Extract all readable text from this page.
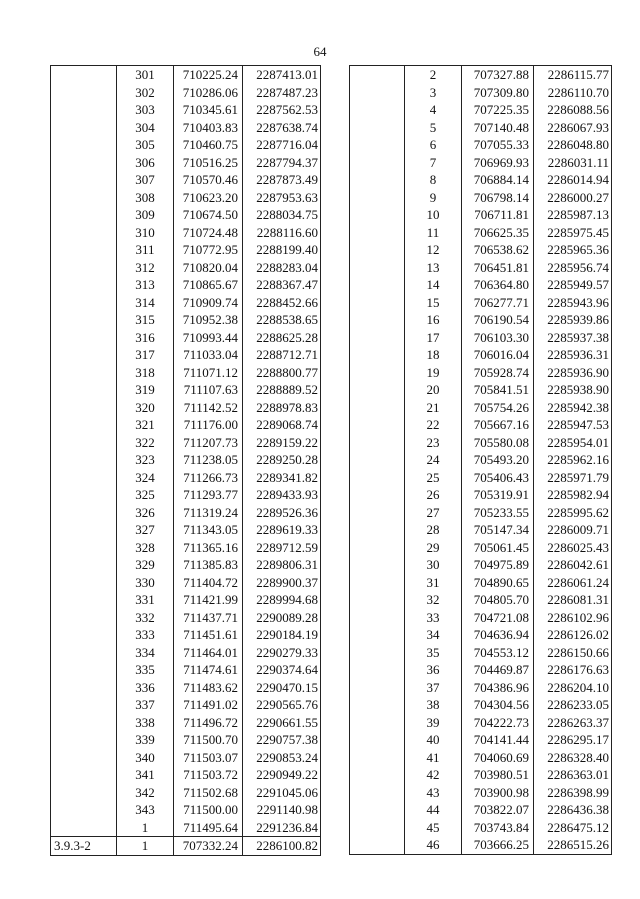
64
	301	710225.24	2287413.01
	302	710286.06	2287487.23
	303	710345.61	2287562.53
	304	710403.83	2287638.74
	305	710460.75	2287716.04
	306	710516.25	2287794.37
	307	710570.46	2287873.49
	308	710623.20	2287953.63
	309	710674.50	2288034.75
	310	710724.48	2288116.60
	311	710772.95	2288199.40
	312	710820.04	2288283.04
	313	710865.67	2288367.47
	314	710909.74	2288452.66
	315	710952.38	2288538.65
	316	710993.44	2288625.28
	317	711033.04	2288712.71
	318	711071.12	2288800.77
	319	711107.63	2288889.52
	320	711142.52	2288978.83
	321	711176.00	2289068.74
	322	711207.73	2289159.22
	323	711238.05	2289250.28
	324	711266.73	2289341.82
	325	711293.77	2289433.93
	326	711319.24	2289526.36
	327	711343.05	2289619.33
	328	711365.16	2289712.59
	329	711385.83	2289806.31
	330	711404.72	2289900.37
	331	711421.99	2289994.68
	332	711437.71	2290089.28
	333	711451.61	2290184.19
	334	711464.01	2290279.33
	335	711474.61	2290374.64
	336	711483.62	2290470.15
	337	711491.02	2290565.76
	338	711496.72	2290661.55
	339	711500.70	2290757.38
	340	711503.07	2290853.24
	341	711503.72	2290949.22
	342	711502.68	2291045.06
	343	711500.00	2291140.98
	1	711495.64	2291236.84
3.9.3-2	1	707332.24	2286100.82
	2	707327.88	2286115.77
	3	707309.80	2286110.70
	4	707225.35	2286088.56
	5	707140.48	2286067.93
	6	707055.33	2286048.80
	7	706969.93	2286031.11
	8	706884.14	2286014.94
	9	706798.14	2286000.27
	10	706711.81	2285987.13
	11	706625.35	2285975.45
	12	706538.62	2285965.36
	13	706451.81	2285956.74
	14	706364.80	2285949.57
	15	706277.71	2285943.96
	16	706190.54	2285939.86
	17	706103.30	2285937.38
	18	706016.04	2285936.31
	19	705928.74	2285936.90
	20	705841.51	2285938.90
	21	705754.26	2285942.38
	22	705667.16	2285947.53
	23	705580.08	2285954.01
	24	705493.20	2285962.16
	25	705406.43	2285971.79
	26	705319.91	2285982.94
	27	705233.55	2285995.62
	28	705147.34	2286009.71
	29	705061.45	2286025.43
	30	704975.89	2286042.61
	31	704890.65	2286061.24
	32	704805.70	2286081.31
	33	704721.08	2286102.96
	34	704636.94	2286126.02
	35	704553.12	2286150.66
	36	704469.87	2286176.63
	37	704386.96	2286204.10
	38	704304.56	2286233.05
	39	704222.73	2286263.37
	40	704141.44	2286295.17
	41	704060.69	2286328.40
	42	703980.51	2286363.01
	43	703900.98	2286398.99
	44	703822.07	2286436.38
	45	703743.84	2286475.12
	46	703666.25	2286515.26
